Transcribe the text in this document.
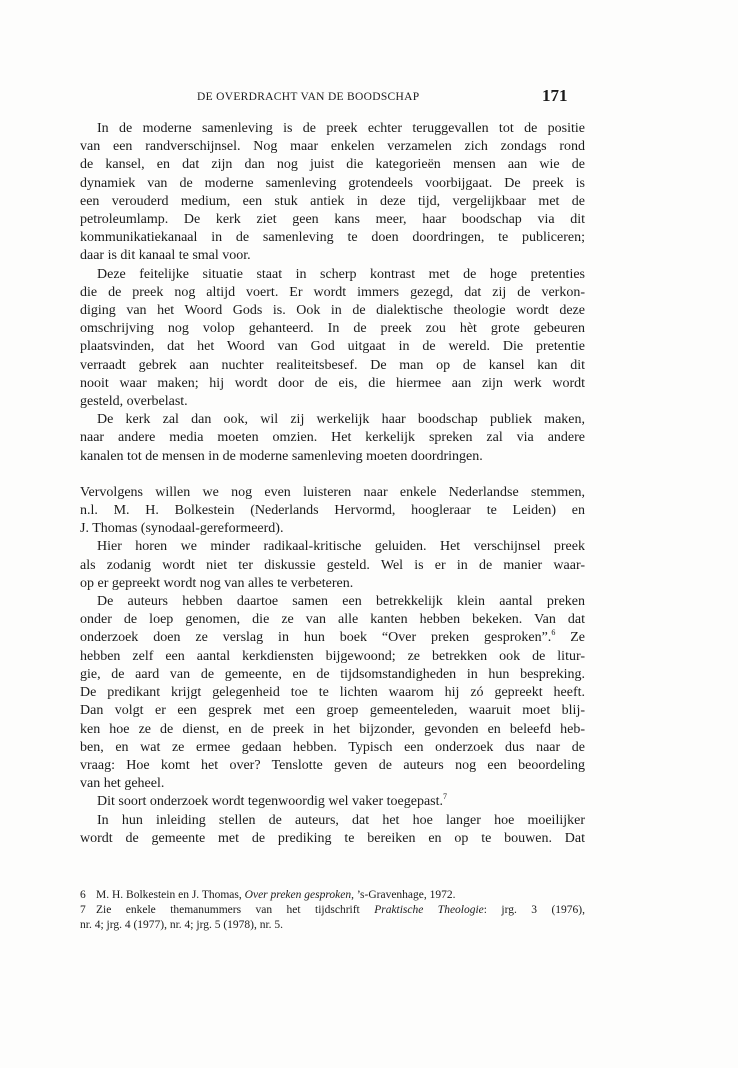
DE OVERDRACHT VAN DE BOODSCHAP	171
In de moderne samenleving is de preek echter teruggevallen tot de positie
van een randverschijnsel. Nog maar enkelen verzamelen zich zondags rond
de kansel, en dat zijn dan nog juist die kategorieën mensen aan wie de
dynamiek van de moderne samenleving grotendeels voorbijgaat. De preek is
een verouderd medium, een stuk antiek in deze tijd, vergelijkbaar met de
petroleumlamp. De kerk ziet geen kans meer, haar boodschap via dit
kommunikatiekanaal in de samenleving te doen doordringen, te publiceren;
daar is dit kanaal te smal voor.
Deze feitelijke situatie staat in scherp kontrast met de hoge pretenties
die de preek nog altijd voert. Er wordt immers gezegd, dat zij de verkon-
diging van het Woord Gods is. Ook in de dialektische theologie wordt deze
omschrijving nog volop gehanteerd. In de preek zou hèt grote gebeuren
plaatsvinden, dat het Woord van God uitgaat in de wereld. Die pretentie
verraadt gebrek aan nuchter realiteitsbesef. De man op de kansel kan dit
nooit waar maken; hij wordt door de eis, die hiermee aan zijn werk wordt
gesteld, overbelast.
De kerk zal dan ook, wil zij werkelijk haar boodschap publiek maken,
naar andere media moeten omzien. Het kerkelijk spreken zal via andere
kanalen tot de mensen in de moderne samenleving moeten doordringen.
Vervolgens willen we nog even luisteren naar enkele Nederlandse stemmen,
n.l. M. H. Bolkestein (Nederlands Hervormd, hoogleraar te Leiden) en
J. Thomas (synodaal-gereformeerd).
Hier horen we minder radikaal-kritische geluiden. Het verschijnsel preek
als zodanig wordt niet ter diskussie gesteld. Wel is er in de manier waar-
op er gepreekt wordt nog van alles te verbeteren.
De auteurs hebben daartoe samen een betrekkelijk klein aantal preken
onder de loep genomen, die ze van alle kanten hebben bekeken. Van dat
onderzoek doen ze verslag in hun boek “Over preken gesproken”.$^6$ Ze
hebben zelf een aantal kerkdiensten bijgewoond; ze betrekken ook de litur-
gie, de aard van de gemeente, en de tijdsomstandigheden in hun bespreking.
De predikant krijgt gelegenheid toe te lichten waarom hij zó gepreekt heeft.
Dan volgt er een gesprek met een groep gemeenteleden, waaruit moet blij-
ken hoe ze de dienst, en de preek in het bijzonder, gevonden en beleefd heb-
ben, en wat ze ermee gedaan hebben. Typisch een onderzoek dus naar de
vraag: Hoe komt het over? Tenslotte geven de auteurs nog een beoordeling
van het geheel.
Dit soort onderzoek wordt tegenwoordig wel vaker toegepast.$^7$
In hun inleiding stellen de auteurs, dat het hoe langer hoe moeilijker
wordt de gemeente met de prediking te bereiken en op te bouwen. Dat
6 M. H. Bolkestein en J. Thomas, Over preken gesproken, ’s-Gravenhage, 1972.
7 Zie enkele themanummers van het tijdschrift Praktische Theologie: jrg. 3 (1976),
nr. 4; jrg. 4 (1977), nr. 4; jrg. 5 (1978), nr. 5.
